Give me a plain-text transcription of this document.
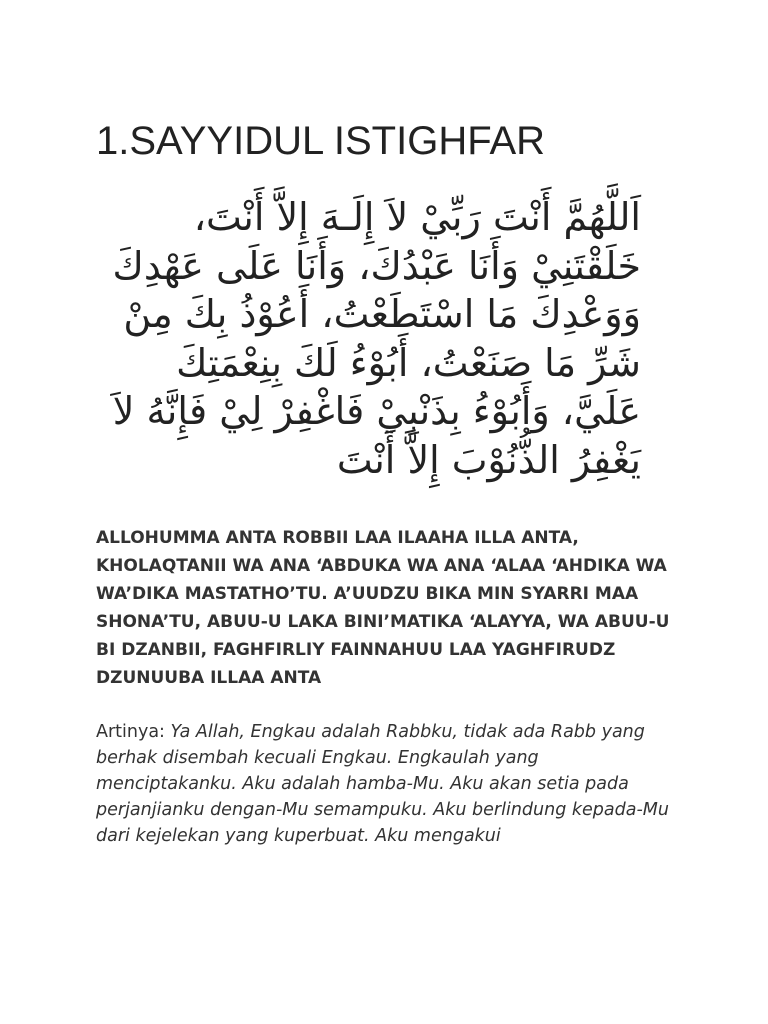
1.SAYYIDUL ISTIGHFAR
اَللَّهُمَّ أَنْتَ رَبِّيْ لاَ إِلَـهَ إِلاَّ أَنْتَ، خَلَقْتَنِيْ وَأَنَا عَبْدُكَ، وَأَنَا عَلَى عَهْدِكَ وَوَعْدِكَ مَا اسْتَطَعْتُ، أَعُوْذُ بِكَ مِنْ شَرِّ مَا صَنَعْتُ، أَبُوْءُ لَكَ بِنِعْمَتِكَ عَلَيَّ، وَأَبُوْءُ بِذَنْبِيْ فَاغْفِرْ لِيْ فَإِنَّهُ لاَ يَغْفِرُ الذُّنُوْبَ إِلاَّ أَنْتَ
ALLOHUMMA ANTA ROBBII LAA ILAAHA ILLA ANTA, KHOLAQTANII WA ANA ‘ABDUKA WA ANA ‘ALAA ‘AHDIKA WA WA’DIKA MASTATHO’TU. A’UUDZU BIKA MIN SYARRI MAA SHONA’TU, ABUU-U LAKA BINI’MATIKA ‘ALAYYA, WA ABUU-U BI DZANBII, FAGHFIRLIY FAINNAHUU LAA YAGHFIRUDZ DZUNUUBA ILLAA ANTA
Artinya: Ya Allah, Engkau adalah Rabbku, tidak ada Rabb yang berhak disembah kecuali Engkau. Engkaulah yang menciptakanku. Aku adalah hamba-Mu. Aku akan setia pada perjanjianku dengan-Mu semampuku. Aku berlindung kepada-Mu dari kejelekan yang kuperbuat. Aku mengakui
